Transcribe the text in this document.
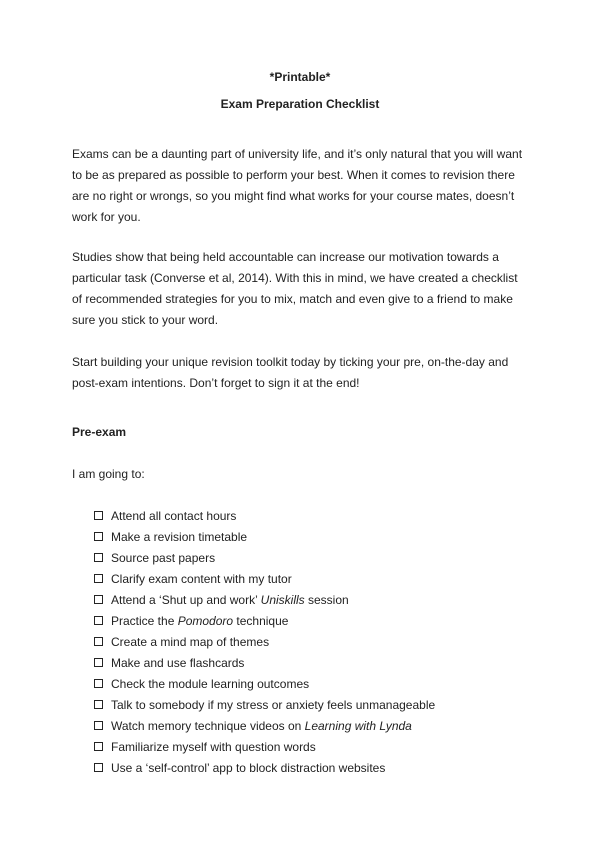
*Printable*
Exam Preparation Checklist

Exams can be a daunting part of university life, and it’s only natural that you will want to be as prepared as possible to perform your best. When it comes to revision there are no right or wrongs, so you might find what works for your course mates, doesn’t work for you.

Studies show that being held accountable can increase our motivation towards a particular task (Converse et al, 2014). With this in mind, we have created a checklist of recommended strategies for you to mix, match and even give to a friend to make sure you stick to your word.

Start building your unique revision toolkit today by ticking your pre, on-the-day and post-exam intentions. Don’t forget to sign it at the end!

Pre-exam

I am going to:

Attend all contact hours
Make a revision timetable
Source past papers
Clarify exam content with my tutor
Attend a ‘Shut up and work’ Uniskills session
Practice the Pomodoro technique
Create a mind map of themes
Make and use flashcards
Check the module learning outcomes
Talk to somebody if my stress or anxiety feels unmanageable
Watch memory technique videos on Learning with Lynda
Familiarize myself with question words
Use a ‘self-control’ app to block distraction websites
